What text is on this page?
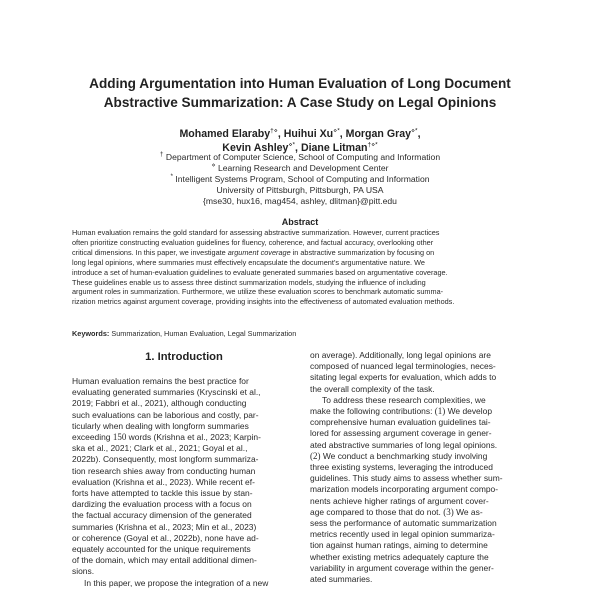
Adding Argumentation into Human Evaluation of Long Document
Abstractive Summarization: A Case Study on Legal Opinions
Mohamed Elaraby†⋄, Huihui Xu⋄*, Morgan Gray⋄*,
Kevin Ashley⋄*, Diane Litman†⋄*
† Department of Computer Science, School of Computing and Information
⋄ Learning Research and Development Center
* Intelligent Systems Program, School of Computing and Information
University of Pittsburgh, Pittsburgh, PA USA
{mse30, hux16, mag454, ashley, dlitman}@pitt.edu
Abstract
Human evaluation remains the gold standard for assessing abstractive summarization. However, current practices
often prioritize constructing evaluation guidelines for fluency, coherence, and factual accuracy, overlooking other
critical dimensions. In this paper, we investigate argument coverage in abstractive summarization by focusing on
long legal opinions, where summaries must effectively encapsulate the document’s argumentative nature. We
introduce a set of human-evaluation guidelines to evaluate generated summaries based on argumentative coverage.
These guidelines enable us to assess three distinct summarization models, studying the influence of including
argument roles in summarization. Furthermore, we utilize these evaluation scores to benchmark automatic summa-
rization metrics against argument coverage, providing insights into the effectiveness of automated evaluation methods.
Keywords: Summarization, Human Evaluation, Legal Summarization
1. Introduction
Human evaluation remains the best practice for
evaluating generated summaries (Kryscinski et al.,
2019; Fabbri et al., 2021), although conducting
such evaluations can be laborious and costly, par-
ticularly when dealing with longform summaries
exceeding 150 words (Krishna et al., 2023; Karpin-
ska et al., 2021; Clark et al., 2021; Goyal et al.,
2022b). Consequently, most longform summariza-
tion research shies away from conducting human
evaluation (Krishna et al., 2023). While recent ef-
forts have attempted to tackle this issue by stan-
dardizing the evaluation process with a focus on
the factual accuracy dimension of the generated
summaries (Krishna et al., 2023; Min et al., 2023)
or coherence (Goyal et al., 2022b), none have ad-
equately accounted for the unique requirements
of the domain, which may entail additional dimen-
sions.
In this paper, we propose the integration of a new
on average). Additionally, long legal opinions are
composed of nuanced legal terminologies, neces-
sitating legal experts for evaluation, which adds to
the overall complexity of the task.
To address these research complexities, we
make the following contributions: (1) We develop
comprehensive human evaluation guidelines tai-
lored for assessing argument coverage in gener-
ated abstractive summaries of long legal opinions.
(2) We conduct a benchmarking study involving
three existing systems, leveraging the introduced
guidelines. This study aims to assess whether sum-
marization models incorporating argument compo-
nents achieve higher ratings of argument cover-
age compared to those that do not. (3) We as-
sess the performance of automatic summarization
metrics recently used in legal opinion summariza-
tion against human ratings, aiming to determine
whether existing metrics adequately capture the
variability in argument coverage within the gener-
ated summaries.
